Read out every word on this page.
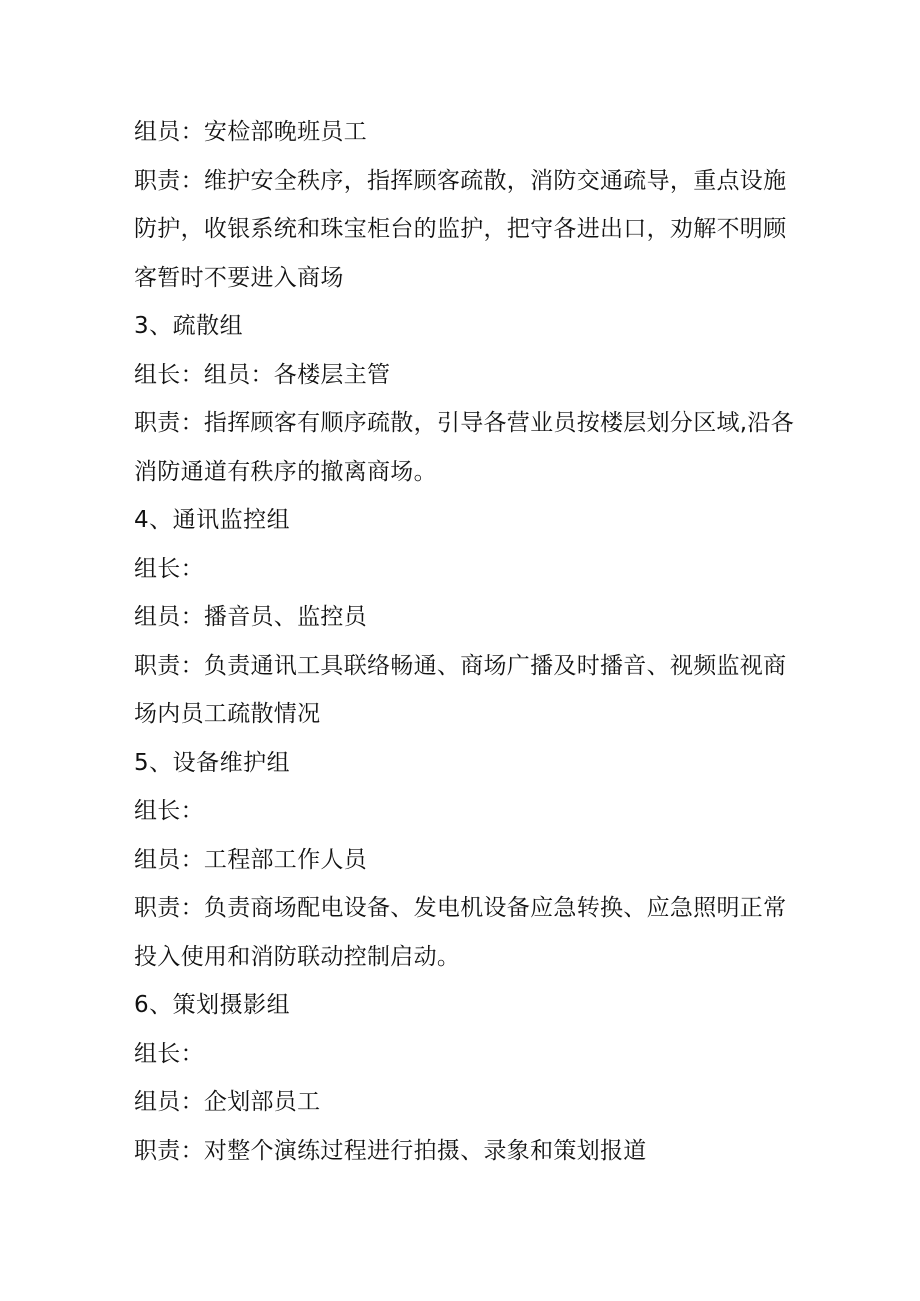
组员：安检部晚班员工
职责：维护安全秩序，指挥顾客疏散，消防交通疏导，重点设施
防护，收银系统和珠宝柜台的监护，把守各进出口，劝解不明顾
客暂时不要进入商场
3、疏散组
组长：组员：各楼层主管
职责：指挥顾客有顺序疏散，引导各营业员按楼层划分区域,沿各
消防通道有秩序的撤离商场。
4、通讯监控组
组长：
组员：播音员、监控员
职责：负责通讯工具联络畅通、商场广播及时播音、视频监视商
场内员工疏散情况
5、设备维护组
组长：
组员：工程部工作人员
职责：负责商场配电设备、发电机设备应急转换、应急照明正常
投入使用和消防联动控制启动。
6、策划摄影组
组长：
组员：企划部员工
职责：对整个演练过程进行拍摄、录象和策划报道
